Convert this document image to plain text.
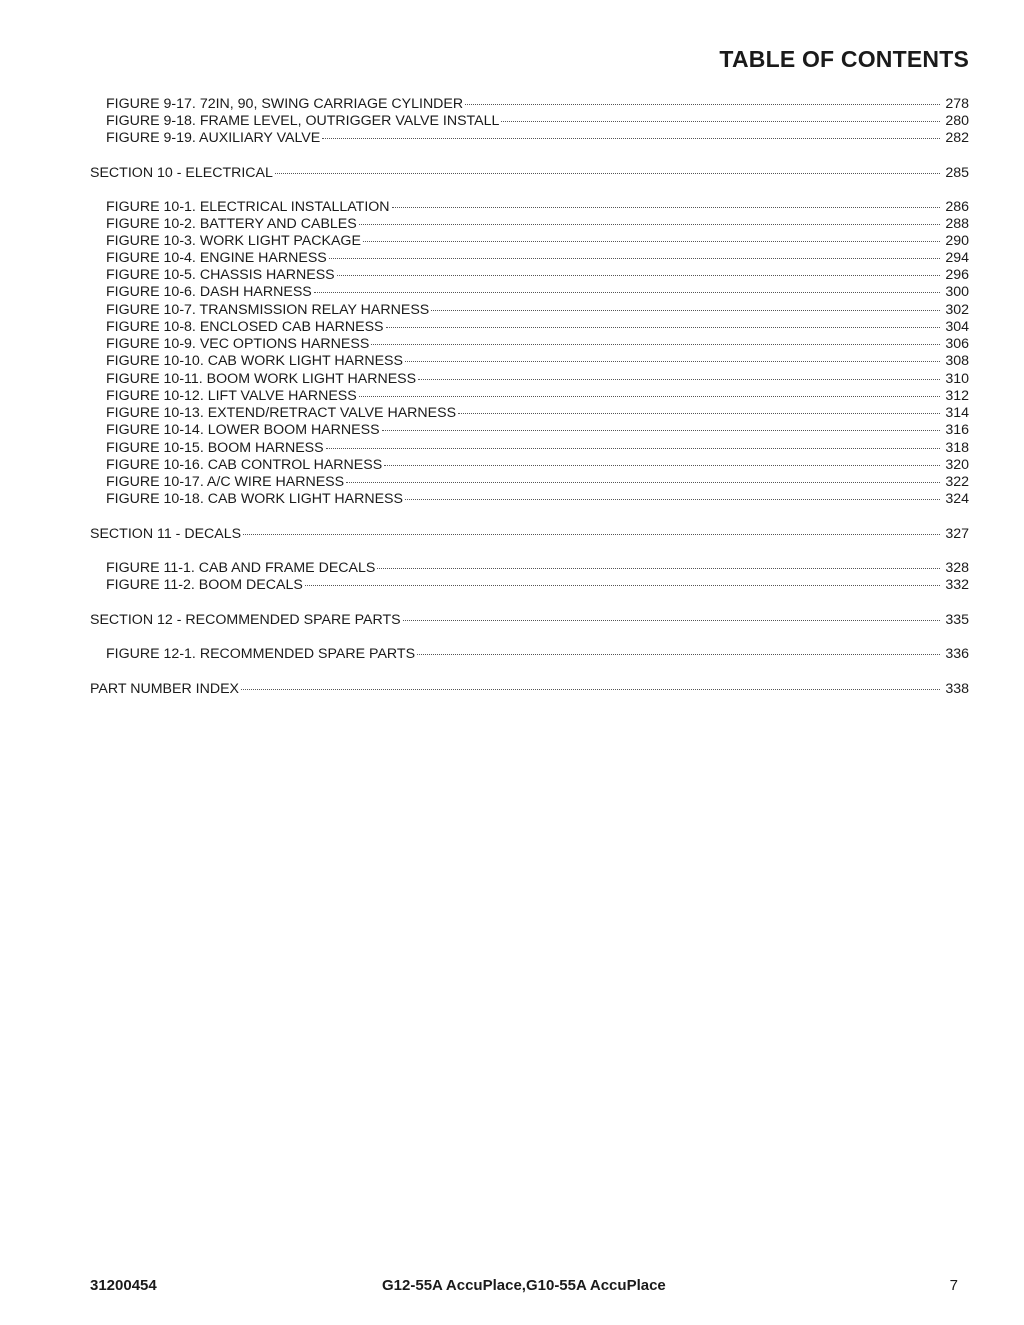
TABLE OF CONTENTS
FIGURE 9-17. 72IN, 90, SWING CARRIAGE CYLINDER	278
FIGURE 9-18. FRAME LEVEL, OUTRIGGER VALVE INSTALL	280
FIGURE 9-19. AUXILIARY VALVE	282
SECTION 10 - ELECTRICAL	285
FIGURE 10-1. ELECTRICAL INSTALLATION	286
FIGURE 10-2. BATTERY AND CABLES	288
FIGURE 10-3. WORK LIGHT PACKAGE	290
FIGURE 10-4. ENGINE HARNESS	294
FIGURE 10-5. CHASSIS HARNESS	296
FIGURE 10-6. DASH HARNESS	300
FIGURE 10-7. TRANSMISSION RELAY HARNESS	302
FIGURE 10-8. ENCLOSED CAB HARNESS	304
FIGURE 10-9. VEC OPTIONS HARNESS	306
FIGURE 10-10. CAB WORK LIGHT HARNESS	308
FIGURE 10-11. BOOM WORK LIGHT HARNESS	310
FIGURE 10-12. LIFT VALVE HARNESS	312
FIGURE 10-13. EXTEND/RETRACT VALVE HARNESS	314
FIGURE 10-14. LOWER BOOM HARNESS	316
FIGURE 10-15. BOOM HARNESS	318
FIGURE 10-16. CAB CONTROL HARNESS	320
FIGURE 10-17. A/C WIRE HARNESS	322
FIGURE 10-18. CAB WORK LIGHT HARNESS	324
SECTION 11 - DECALS	327
FIGURE 11-1. CAB AND FRAME DECALS	328
FIGURE 11-2. BOOM DECALS	332
SECTION 12 - RECOMMENDED SPARE PARTS	335
FIGURE 12-1. RECOMMENDED SPARE PARTS	336
PART NUMBER INDEX	338
31200454	G12-55A AccuPlace,G10-55A AccuPlace	7
